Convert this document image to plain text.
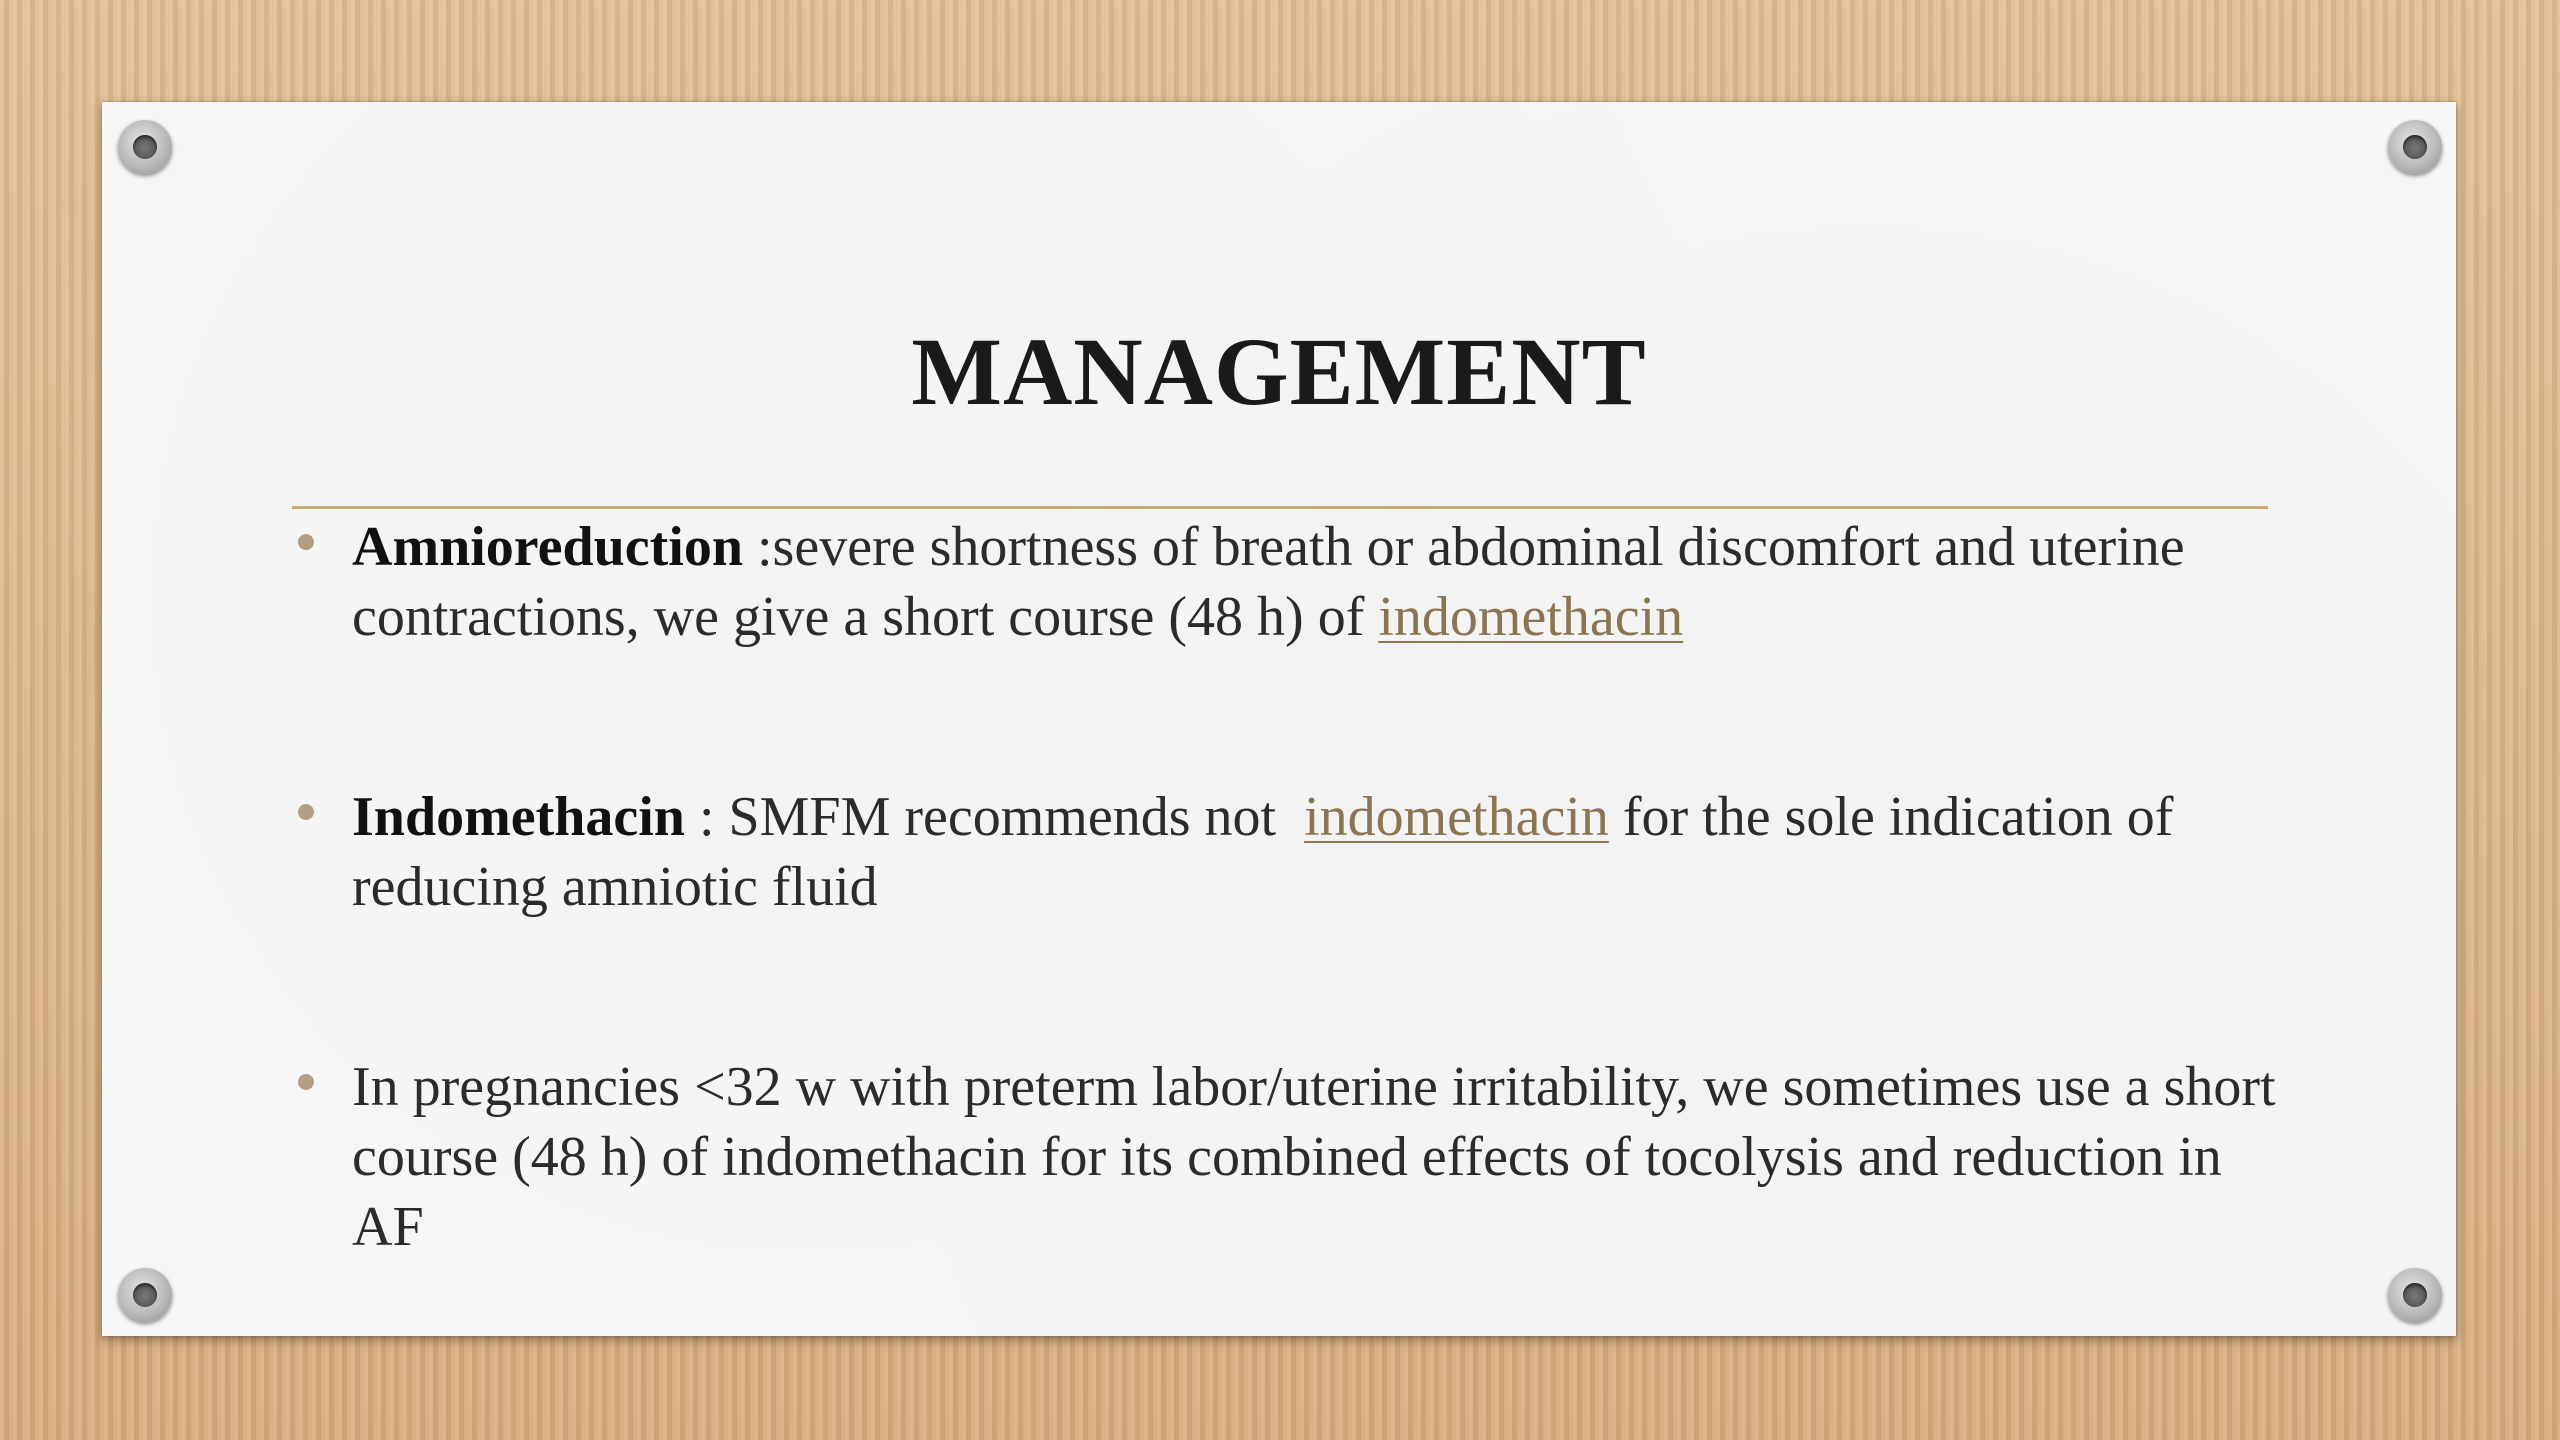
MANAGEMENT
Amnioreduction :severe shortness of breath or abdominal discomfort and uterine contractions, we give a short course (48 h) of indomethacin
Indomethacin : SMFM recommends not  indomethacin for the sole indication of reducing amniotic fluid
In pregnancies <32 w with preterm labor/uterine irritability, we sometimes use a short course (48 h) of indomethacin for its combined effects of tocolysis and reduction in AF
